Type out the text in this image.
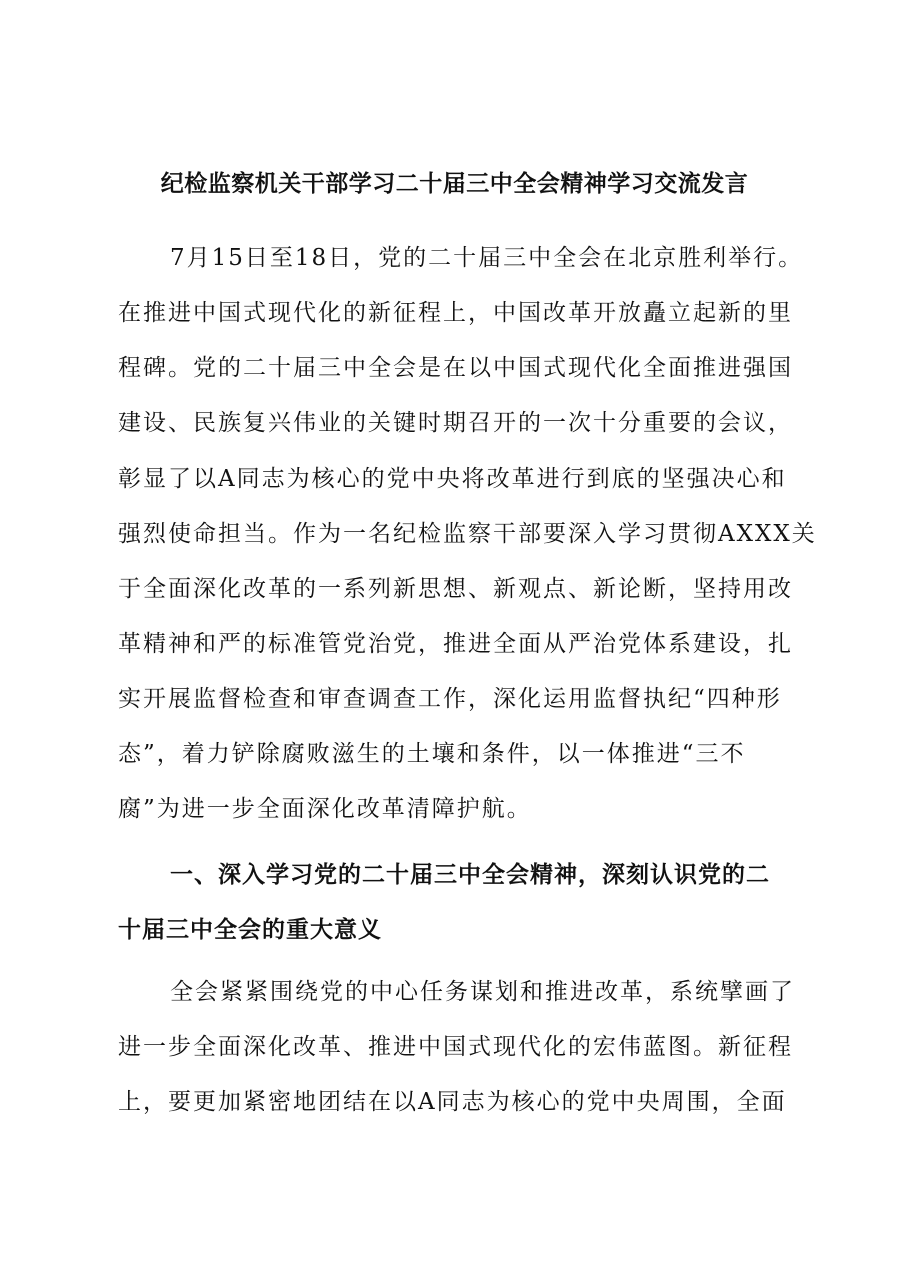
纪检监察机关干部学习二十届三中全会精神学习交流发言

7月15日至18日，党的二十届三中全会在北京胜利举行。

在推进中国式现代化的新征程上，中国改革开放矗立起新的里

程碑。党的二十届三中全会是在以中国式现代化全面推进强国

建设、民族复兴伟业的关键时期召开的一次十分重要的会议，

彰显了以A同志为核心的党中央将改革进行到底的坚强决心和

强烈使命担当。作为一名纪检监察干部要深入学习贯彻AXXX关

于全面深化改革的一系列新思想、新观点、新论断，坚持用改

革精神和严的标准管党治党，推进全面从严治党体系建设，扎

实开展监督检查和审查调查工作，深化运用监督执纪“四种形

态”，着力铲除腐败滋生的土壤和条件，以一体推进“三不

腐”为进一步全面深化改革清障护航。

一、深入学习党的二十届三中全会精神，深刻认识党的二

十届三中全会的重大意义

全会紧紧围绕党的中心任务谋划和推进改革，系统擘画了

进一步全面深化改革、推进中国式现代化的宏伟蓝图。新征程

上，要更加紧密地团结在以A同志为核心的党中央周围，全面
